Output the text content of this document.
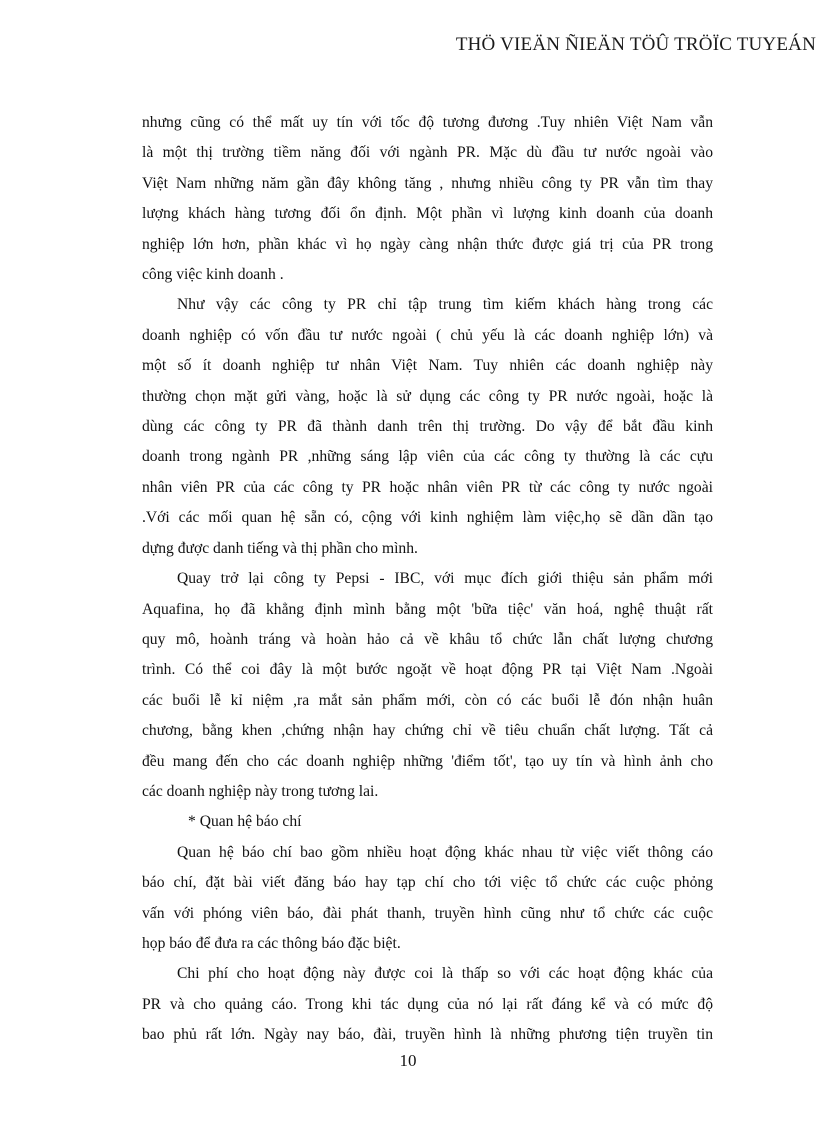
THÖ VIEÄN ÑIEÄN TÖÛ TRÖÏC TUYEÁN
nhưng cũng có thể mất uy tín với tốc độ tương đương .Tuy nhiên Việt Nam vẫn
là một thị trường tiềm năng đối với ngành PR. Mặc dù đầu tư nước ngoài vào
Việt Nam những năm gần đây không tăng , nhưng nhiều công ty PR vẫn tìm thay
lượng khách hàng tương đối ổn định. Một phần vì lượng kinh doanh của doanh
nghiệp lớn hơn, phần khác vì họ ngày càng nhận thức được giá trị của PR trong
công việc kinh doanh .
Như vậy các công ty PR chỉ tập trung tìm kiếm khách hàng trong các
doanh nghiệp có vốn đầu tư nước ngoài ( chủ yếu là các doanh nghiệp lớn) và
một số ít doanh nghiệp tư nhân Việt Nam. Tuy nhiên các doanh nghiệp này
thường chọn mặt gửi vàng, hoặc là sử dụng các công ty PR nước ngoài, hoặc là
dùng các công ty PR đã thành danh trên thị trường. Do vậy để bắt đầu kinh
doanh trong ngành PR ,những sáng lập viên của các công ty thường là các cựu
nhân viên PR của các công ty PR hoặc nhân viên PR từ các công ty nước ngoài
.Với các mối quan hệ sẵn có, cộng với kinh nghiệm làm việc,họ sẽ dần dần tạo
dựng được danh tiếng và thị phần cho mình.
Quay trở lại công ty Pepsi - IBC, với mục đích giới thiệu sản phẩm mới
Aquafina, họ đã khẳng định mình bằng một 'bữa tiệc' văn hoá, nghệ thuật rất
quy mô, hoành tráng và hoàn hảo cả về khâu tổ chức lẫn chất lượng chương
trình. Có thể coi đây là một bước ngoặt về hoạt động PR tại Việt Nam .Ngoài
các buổi lễ kỉ niệm ,ra mắt sản phẩm mới, còn có các buổi lễ đón nhận huân
chương, bằng khen ,chứng nhận hay chứng chỉ về tiêu chuẩn chất lượng. Tất cả
đều mang đến cho các doanh nghiệp những 'điểm tốt', tạo uy tín và hình ảnh cho
các doanh nghiệp này trong tương lai.
* Quan hệ báo chí
Quan hệ báo chí bao gồm nhiều hoạt động khác nhau từ việc viết thông cáo
báo chí, đặt bài viết đăng báo hay tạp chí cho tới việc tổ chức các cuộc phỏng
vấn với phóng viên báo, đài phát thanh, truyền hình cũng như tổ chức các cuộc
họp báo để đưa ra các thông báo đặc biệt.
Chi phí cho hoạt động này được coi là thấp so với các hoạt động khác của
PR và cho quảng cáo. Trong khi tác dụng của nó lại rất đáng kể và có mức độ
bao phủ rất lớn. Ngày nay báo, đài, truyền hình là những phương tiện truyền tin
10
